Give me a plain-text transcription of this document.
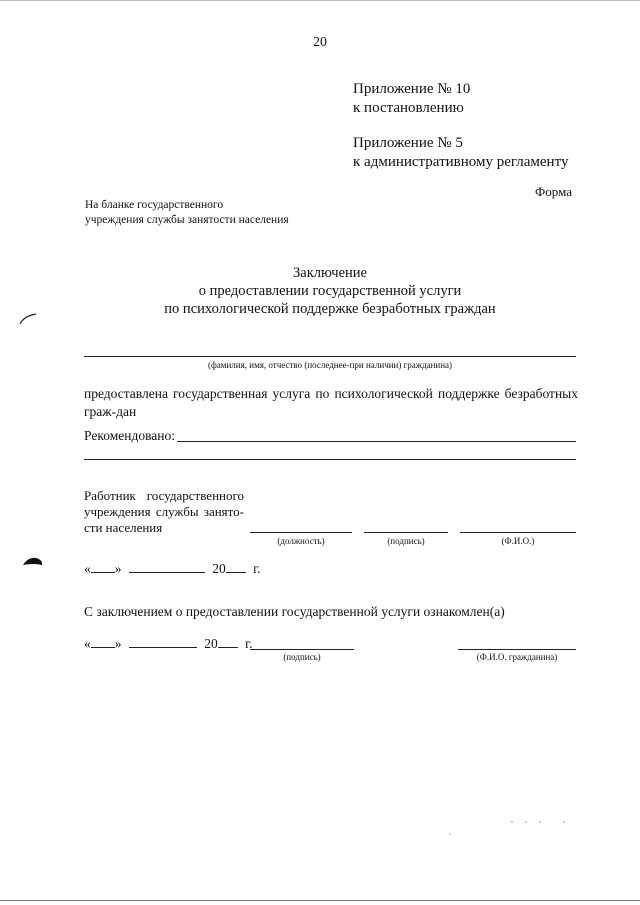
20
Приложение № 10
к постановлению
Приложение № 5
к административному регламенту
Форма
На бланке государственного
учреждения службы занятости населения
Заключение
о предоставлении государственной услуги
по психологической поддержке безработных граждан
(фамилия, имя, отчество (последнее-при наличии) гражданина)
предоставлена государственная услуга по психологической поддержке безработных граж-дан
Рекомендовано:
Работник государственного
учреждения службы занято-
сти населения
(должность)	(подпись)	(Ф.И.О.)
« »	20 г.
С заключением о предоставлении государственной услуги ознакомлен(а)
« »	20 г.
(подпись)	(Ф.И.О. гражданина)
